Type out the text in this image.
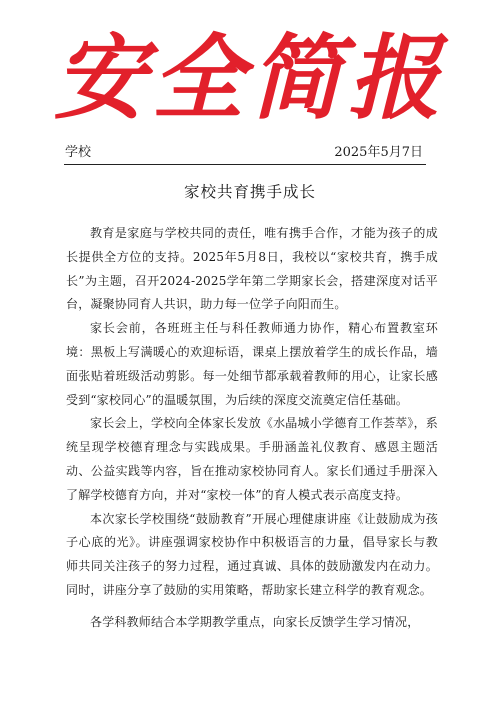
安全简报
学校	2025年5月7日
家校共育携手成长

教育是家庭与学校共同的责任，唯有携手合作，才能为孩子的成长提供全方位的支持。2025年5月8日，我校以“家校共育，携手成长”为主题，召开2024-2025学年第二学期家长会，搭建深度对话平台，凝聚协同育人共识，助力每一位学子向阳而生。

家长会前，各班班主任与科任教师通力协作，精心布置教室环境：黑板上写满暖心的欢迎标语，课桌上摆放着学生的成长作品，墙面张贴着班级活动剪影。每一处细节都承载着教师的用心，让家长感受到“家校同心”的温暖氛围，为后续的深度交流奠定信任基础。

家长会上，学校向全体家长发放《水晶城小学德育工作荟萃》，系统呈现学校德育理念与实践成果。手册涵盖礼仪教育、感恩主题活动、公益实践等内容，旨在推动家校协同育人。家长们通过手册深入了解学校德育方向，并对“家校一体”的育人模式表示高度支持。

本次家长学校围绕“鼓励教育”开展心理健康讲座《让鼓励成为孩子心底的光》。讲座强调家校协作中积极语言的力量，倡导家长与教师共同关注孩子的努力过程，通过真诚、具体的鼓励激发内在动力。同时，讲座分享了鼓励的实用策略，帮助家长建立科学的教育观念。

各学科教师结合本学期教学重点，向家长反馈学生学习情况，
